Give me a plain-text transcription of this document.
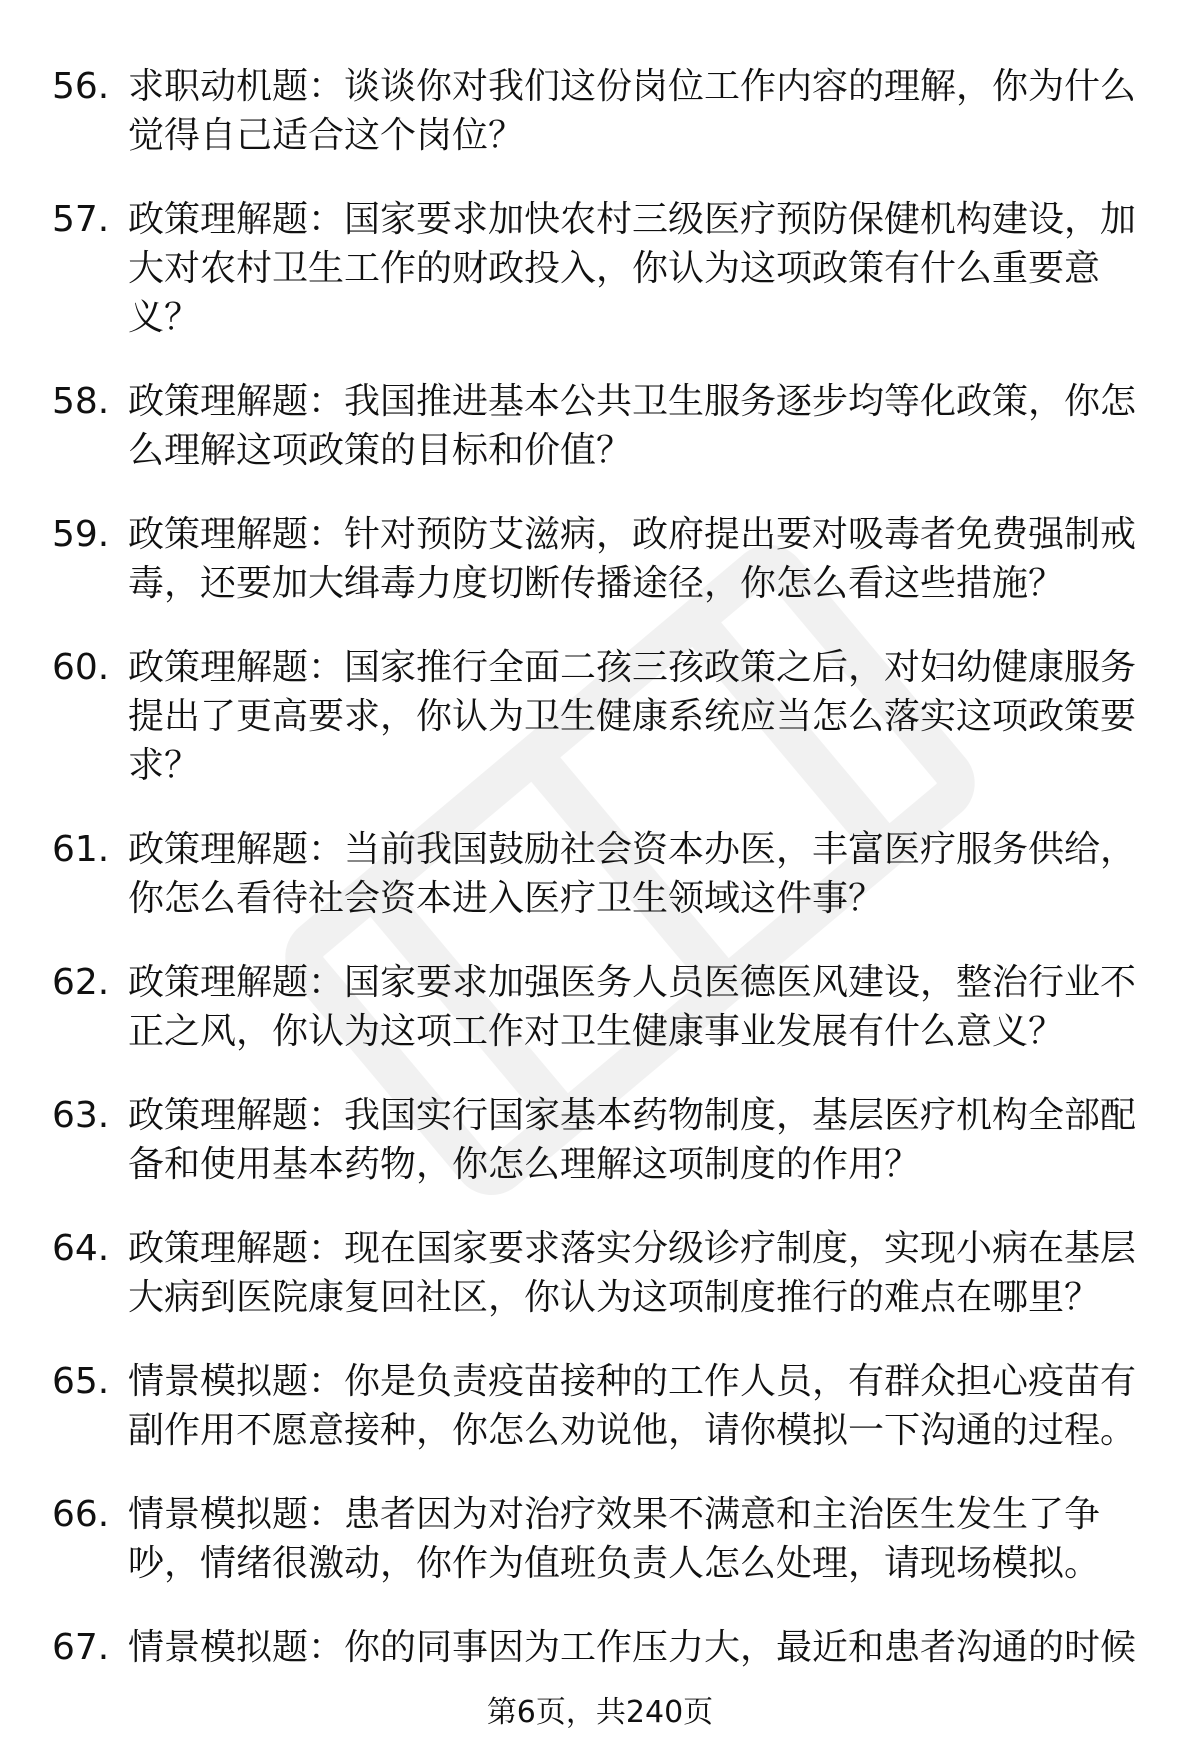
56. 求职动机题：谈谈你对我们这份岗位工作内容的理解，你为什么觉得自己适合这个岗位？
57. 政策理解题：国家要求加快农村三级医疗预防保健机构建设，加大对农村卫生工作的财政投入，你认为这项政策有什么重要意义？
58. 政策理解题：我国推进基本公共卫生服务逐步均等化政策，你怎么理解这项政策的目标和价值？
59. 政策理解题：针对预防艾滋病，政府提出要对吸毒者免费强制戒毒，还要加大缉毒力度切断传播途径，你怎么看这些措施？
60. 政策理解题：国家推行全面二孩三孩政策之后，对妇幼健康服务提出了更高要求，你认为卫生健康系统应当怎么落实这项政策要求？
61. 政策理解题：当前我国鼓励社会资本办医，丰富医疗服务供给，你怎么看待社会资本进入医疗卫生领域这件事？
62. 政策理解题：国家要求加强医务人员医德医风建设，整治行业不正之风，你认为这项工作对卫生健康事业发展有什么意义？
63. 政策理解题：我国实行国家基本药物制度，基层医疗机构全部配备和使用基本药物，你怎么理解这项制度的作用？
64. 政策理解题：现在国家要求落实分级诊疗制度，实现小病在基层大病到医院康复回社区，你认为这项制度推行的难点在哪里？
65. 情景模拟题：你是负责疫苗接种的工作人员，有群众担心疫苗有副作用不愿意接种，你怎么劝说他，请你模拟一下沟通的过程。
66. 情景模拟题：患者因为对治疗效果不满意和主治医生发生了争吵，情绪很激动，你作为值班负责人怎么处理，请现场模拟。
67. 情景模拟题：你的同事因为工作压力大，最近和患者沟通的时候
第6页，共240页
